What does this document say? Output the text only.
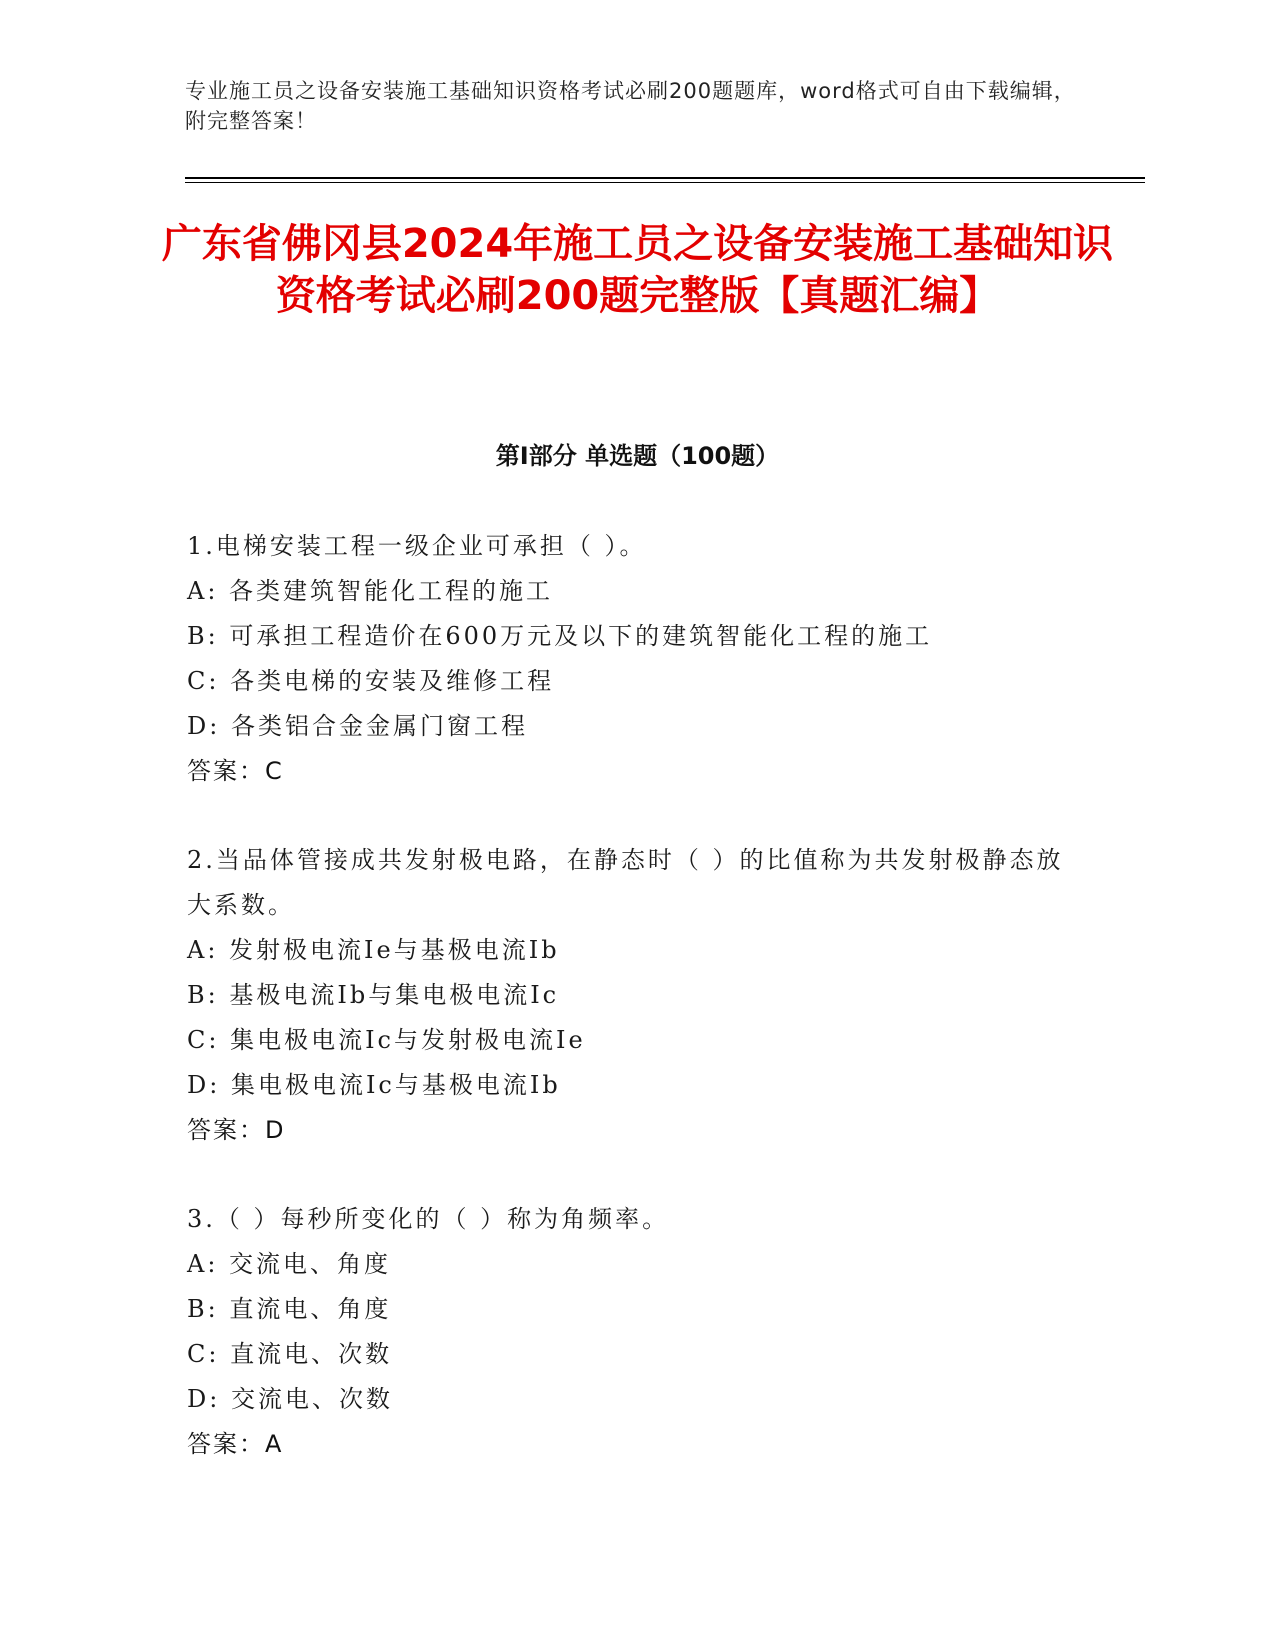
专业施工员之设备安装施工基础知识资格考试必刷200题题库，word格式可自由下载编辑，附完整答案！
广东省佛冈县2024年施工员之设备安装施工基础知识资格考试必刷200题完整版【真题汇编】
第Ⅰ部分 单选题（100题）
1.电梯安装工程一级企业可承担（ ）。
A: 各类建筑智能化工程的施工
B: 可承担工程造价在600万元及以下的建筑智能化工程的施工
C: 各类电梯的安装及维修工程
D: 各类铝合金金属门窗工程
答案：C
2.当品体管接成共发射极电路，在静态时（ ）的比值称为共发射极静态放大系数。
A: 发射极电流Ie与基极电流Ib
B: 基极电流Ib与集电极电流Ic
C: 集电极电流Ic与发射极电流Ie
D: 集电极电流Ic与基极电流Ib
答案：D
3.（ ）每秒所变化的（ ）称为角频率。
A: 交流电、角度
B: 直流电、角度
C: 直流电、次数
D: 交流电、次数
答案：A
